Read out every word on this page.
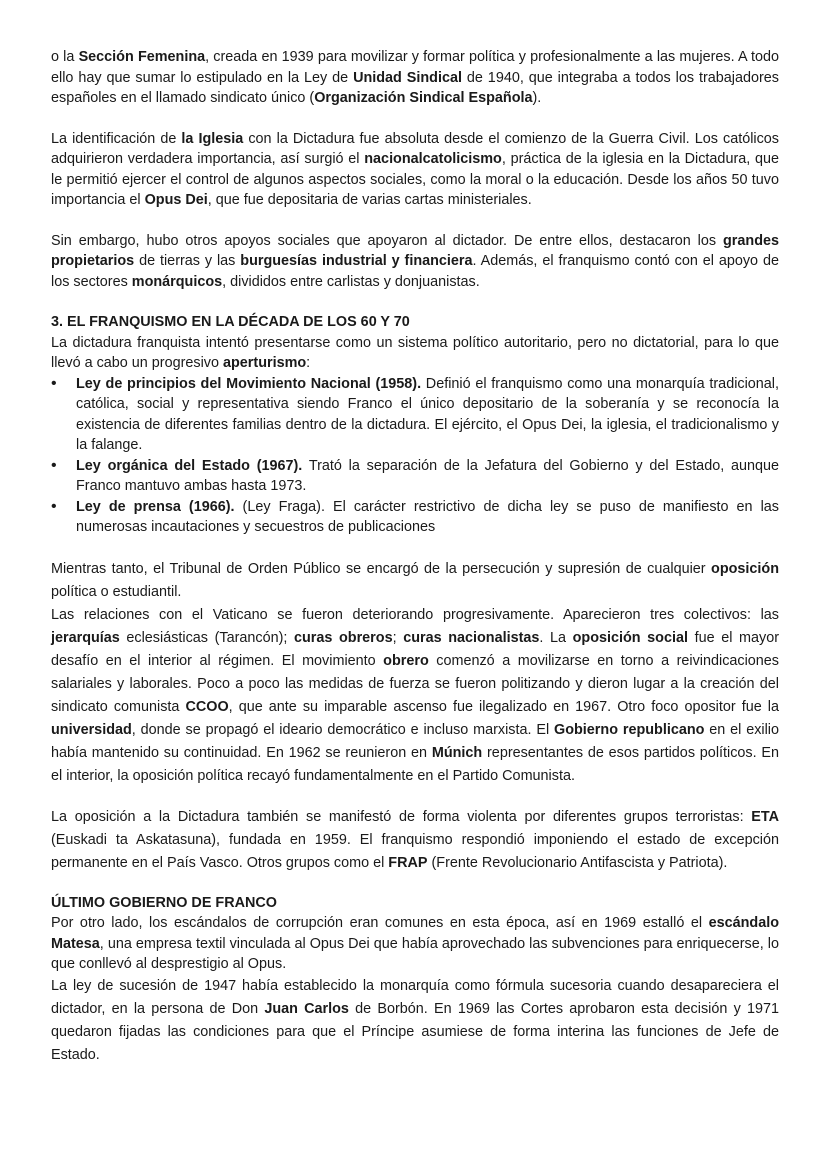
o la Sección Femenina, creada en 1939 para movilizar y formar política y profesionalmente a las mujeres. A todo ello hay que sumar lo estipulado en la Ley de Unidad Sindical de 1940, que integraba a todos los trabajadores españoles en el llamado sindicato único (Organización Sindical Española).

La identificación de la Iglesia con la Dictadura fue absoluta desde el comienzo de la Guerra Civil. Los católicos adquirieron verdadera importancia, así surgió el nacionalcatolicismo, práctica de la iglesia en la Dictadura, que le permitió ejercer el control de algunos aspectos sociales, como la moral o la educación. Desde los años 50 tuvo importancia el Opus Dei, que fue depositaria de varias cartas ministeriales.

Sin embargo, hubo otros apoyos sociales que apoyaron al dictador. De entre ellos, destacaron los grandes propietarios de tierras y las burguesías industrial y financiera. Además, el franquismo contó con el apoyo de los sectores monárquicos, divididos entre carlistas y donjuanistas.

3. EL FRANQUISMO EN LA DÉCADA DE LOS 60 Y 70

La dictadura franquista intentó presentarse como un sistema político autoritario, pero no dictatorial, para lo que llevó a cabo un progresivo aperturismo:

•	Ley de principios del Movimiento Nacional (1958). Definió el franquismo como una monarquía tradicional, católica, social y representativa siendo Franco el único depositario de la soberanía y se reconocía la existencia de diferentes familias dentro de la dictadura. El ejército, el Opus Dei, la iglesia, el tradicionalismo y la falange.
•	Ley orgánica del Estado (1967). Trató la separación de la Jefatura del Gobierno y del Estado, aunque Franco mantuvo ambas hasta 1973.
•	Ley de prensa (1966). (Ley Fraga). El carácter restrictivo de dicha ley se puso de manifiesto en las numerosas incautaciones y secuestros de publicaciones

Mientras tanto, el Tribunal de Orden Público se encargó de la persecución y supresión de cualquier oposición política o estudiantil.

Las relaciones con el Vaticano se fueron deteriorando progresivamente. Aparecieron tres colectivos: las jerarquías eclesiásticas (Tarancón); curas obreros; curas nacionalistas. La oposición social fue el mayor desafío en el interior al régimen. El movimiento obrero comenzó a movilizarse en torno a reivindicaciones salariales y laborales. Poco a poco las medidas de fuerza se fueron politizando y dieron lugar a la creación del sindicato comunista CCOO, que ante su imparable ascenso fue ilegalizado en 1967. Otro foco opositor fue la universidad, donde se propagó el ideario democrático e incluso marxista. El Gobierno republicano en el exilio había mantenido su continuidad. En 1962 se reunieron en Múnich representantes de esos partidos políticos. En el interior, la oposición política recayó fundamentalmente en el Partido Comunista.

La oposición a la Dictadura también se manifestó de forma violenta por diferentes grupos terroristas: ETA (Euskadi ta Askatasuna), fundada en 1959. El franquismo respondió imponiendo el estado de excepción permanente en el País Vasco. Otros grupos como el FRAP (Frente Revolucionario Antifascista y Patriota).

ÚLTIMO GOBIERNO DE FRANCO

Por otro lado, los escándalos de corrupción eran comunes en esta época, así en 1969 estalló el escándalo Matesa, una empresa textil vinculada al Opus Dei que había aprovechado las subvenciones para enriquecerse, lo que conllevó al desprestigio al Opus.

La ley de sucesión de 1947 había establecido la monarquía como fórmula sucesoria cuando desapareciera el dictador, en la persona de Don Juan Carlos de Borbón. En 1969 las Cortes aprobaron esta decisión y 1971 quedaron fijadas las condiciones para que el Príncipe asumiese de forma interina las funciones de Jefe de Estado.
